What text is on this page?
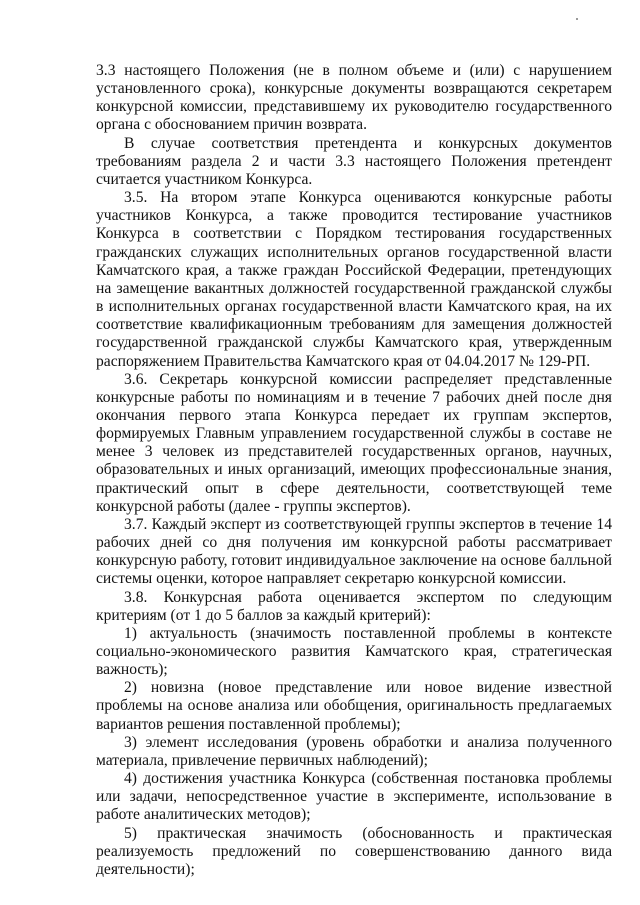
3.3 настоящего Положения (не в полном объеме и (или) с нарушением установленного срока), конкурсные документы возвращаются секретарем конкурсной комиссии, представившему их руководителю государственного органа с обоснованием причин возврата.

В случае соответствия претендента и конкурсных документов требованиям раздела 2 и части 3.3 настоящего Положения претендент считается участником Конкурса.

3.5. На втором этапе Конкурса оцениваются конкурсные работы участников Конкурса, а также проводится тестирование участников Конкурса в соответствии с Порядком тестирования государственных гражданских служащих исполнительных органов государственной власти Камчатского края, а также граждан Российской Федерации, претендующих на замещение вакантных должностей государственной гражданской службы в исполнительных органах государственной власти Камчатского края, на их соответствие квалификационным требованиям для замещения должностей государственной гражданской службы Камчатского края, утвержденным распоряжением Правительства Камчатского края от 04.04.2017 № 129-РП.

3.6. Секретарь конкурсной комиссии распределяет представленные конкурсные работы по номинациям и в течение 7 рабочих дней после дня окончания первого этапа Конкурса передает их группам экспертов, формируемых Главным управлением государственной службы в составе не менее 3 человек из представителей государственных органов, научных, образовательных и иных организаций, имеющих профессиональные знания, практический опыт в сфере деятельности, соответствующей теме конкурсной работы (далее - группы экспертов).

3.7. Каждый эксперт из соответствующей группы экспертов в течение 14 рабочих дней со дня получения им конкурсной работы рассматривает конкурсную работу, готовит индивидуальное заключение на основе балльной системы оценки, которое направляет секретарю конкурсной комиссии.

3.8. Конкурсная работа оценивается экспертом по следующим критериям (от 1 до 5 баллов за каждый критерий):

1) актуальность (значимость поставленной проблемы в контексте социально-экономического развития Камчатского края, стратегическая важность);

2) новизна (новое представление или новое видение известной проблемы на основе анализа или обобщения, оригинальность предлагаемых вариантов решения поставленной проблемы);

3) элемент исследования (уровень обработки и анализа полученного материала, привлечение первичных наблюдений);

4) достижения участника Конкурса (собственная постановка проблемы или задачи, непосредственное участие в эксперименте, использование в работе аналитических методов);

5) практическая значимость (обоснованность и практическая реализуемость предложений по совершенствованию данного вида деятельности);
